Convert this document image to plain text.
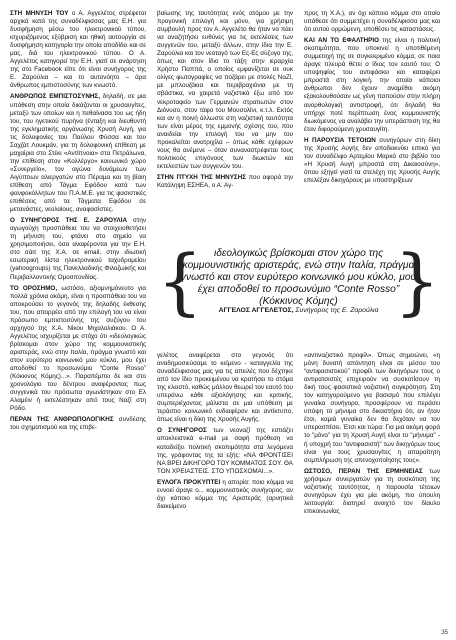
ΣΤΗ ΜΗΝΥΣΗ ΤΟΥ ο Α. Αγγελέτος στρέφεται αρχικά κατά της συναδέλφισσας μας Ε.Η. για δυσφήμηση μέσω του ηλεκτρονικού τύπου, ισχυριζόμενος εξύβριση και ηθική αυτουργία σε δυσφήμηση κατηγορία την οποία αποδίδει και σε μας, διά του ηλεκτρονικού τύπου. Ο Α. Αγγελέτος κατηγορεί την Ε.Η. γιατί σε ανάρτηση της στο Facebook είπε ότι είναι συνήγορος της Ε. Ζαρούλια – και το αυτονόητο – άρα άνθρωπος εμπιστοσύνης των κνωστό.

ΑΝΘΡΩΠΟΣ ΕΜΠΙΣΤΟΣΥΝΗΣ, δηλαδή, σε μια υπόθεση στην οποία δικάζονται οι χρυσαυγίτες, μεταξύ των οποίων και η πεθαίνασα του ως ήδη του, του ηγετικού πυρήνα (ένταξη και διευθυντή της εγκληματικής οργάνωσης Χρυσή Αυγή, για τις δολοφονίες του Παύλου Φύσσα και του Σαχζάτ Λουκμάν, για τη δολοφονική επίθεση με μαχαίρια στο Στέκι «Αντίπνοια» στα Πετράλωνα, την επίθεση στον «Κολλέργο» κοινωνικό χώρο «Συνεργείο», τον αγώνα δυνάμεων των Αιγύπτιων αλιεργατών στο Πέραμα και τη βίαιη επίθεση από Τάγμα Εφόδου κατά των φανφοκόλλητων του Π.Α.Μ.Ε. για τις φασιστικές επιθέσεις από τα Τάγματα Εφόδου σε μετανάστες, νεολαίους, αναφασίστες.

Ο ΣΥΝΗΓΟΡΟΣ ΤΗΣ Ε. ΖΑΡΟΥΛΙΑ στην αγωγούχη προσπάθεια του να στοιχειοθετήσει τη μήνυση του, φτάνει στο σημείο να χρησιμοποιήσει, όσα αναφέρονται για την Ε.Η. στο σάιτ της Χ.Α. σε email, στην ιδιωτική εσωτερική λίστα ηλεκτρονικού ταχυδρομείου (yahoogroups) της Πανελλαδικής Φιλοζωικής και Περιβαλλοντικής Ομοσπονδίας.

ΤΟ ΟΡΟΣΗΜΟ, ωστόσο, αξιομνημόνευτο για πολλά χρόνια ακόμη, είναι η προσπάθεια του να αποκρούσει το γεγονός της δηλαδής έκθεσης του, που απορρέει από την επιλογή του να είναι πρόσωπο εμπιστοσύνης της συζύγου του αρχηγού της Χ.Α. Νίκου Μιχαλολιάκου. Ο Α. Αγγελέτος ισχυρίζεται με στόχο ότι «ιδεολογικώς βρίσκομαι στον χώρο της κομμουνιστικής αριστεράς, ενώ στην Ιταλία, πράγμα γνωστό και στον ευρύτερο κοινωνικό μου κύκλο, μου έχει αποδοθεί το προσωνύμιο “Conte Rosso” (Κόκκινος Κόμης)...». Παραπέμπει δε και στο χρονολόγιο του δέντρου αναφέροντας πως συγγενικά του πρόσωπα αγωνίστηκαν στο Ελ Αλαμέιν ή εκτελέστηκαν από τους Ναζί στη Ρόδο.

ΠΕΡΑΝ ΤΗΣ ΑΝΘΡΩΠΟΛΟΓΙΚΗΣ συνδέσης του σχηματισμού και της επιβε-

βαίωσης της ταυτότητας ενός ατόμου με την προγονική επιλογή και μόνο, για χρήσιμη συμβουλή προς τον Α. Αγγελέτο θα ήταν να πάει να αναζητήσει ευθύνες για τις εκτελέσεις των συγγενών του, μεταξύ άλλων, στην ίδια την Ε. Ζαρούλια και τον νεοταγό των Ες-Ες σύζυγο της, όπως και στον ίδιο το τάξη στην ιεραρχία Χρήστο Παππά, ο οποίος εμφανίζεται σε ουκ ολίγες φωτογραφίες να ποζάρει με στολές ΝαΖί, με μπλουζάκια και περιβραχιόνια με τη σβάστικα, να χαιρετά ναζιστικά έξω από τον νεκροταφείο των Γερμανών στρατιωτών στον Διόνυσο, στον τάφο του Μουσολίνι, κ.τ.λ. Εκτός και αν η ποινή άλλωστε στη ναζιστική ταυτότητα των είναι μέρος της εμμονής σχέσης του, που αναιδείαι την επιλογή του να μην του προκαλείται ανατριχίλα – όπως κάθε εχέφρων νους θα ανέμενε – όταν συναναστρέφεται τους πολιτικούς επιγόνους των διωκτών και εκτελεστών των συγγενών του.

ΣΤΗΝ ΠΤΥΧΗ ΤΗΣ ΜΗΝΥΣΗΣ που αφορά την Κατάληψη ΕΣΗΕΑ, ο Α. Αγ-

προς τη Χ.Α.), αν όχι κάποιο κόμμα στο οποίο υπάθεσε ότι συμμετέχει η συναδέλφισσα μας και ότι αυτού ορμώμενη, υποθέσει τις καταστάσεις.

ΚΑΙ ΑΝ ΤΟ ΕΦΑΛΤΗΡΙΟ της είναι η πολιτική σκοπιμότητα, που υποκινεί η υποτιθέμενη συμμετοχή της σε συγκεκριμένο κόμμα, σε ποια άραγε πλευρά θέτει ο ίδιος τον εαυτό του; Ο υποψηφίος του αντιφάσκει και καταφέρει μπροστά στη λογική, την οποία κάποιοι άνθρωποι δεν έχουν αναμέθοι ακόμη εξακολουθούσαν ως γένη παπούσιν στην πλήρη ανορθολογική αντιστροφή, ότι δηλαδή θα υπήρχε ποτέ περίπτωση ένας κομμουνιστής διωκόμενος να αναλάβει την υπεράσπιση της θα έταν διφορούμενη χρυσαυγίτη.

Η ΠΑΡΟΥΣΙΑ ΤΕΤΟΙΩΝ συνηγόρων στη δίκη της Χρυσής Αυγής δεν αποδεικνύει ειπικό για τον συναδέλφο Αρτεμίου Μαρκό στο βιβλίο του «Η Χρυσή Αυγή μπροστά στη Δικαιοσύνη», όπου εξηγεί γιατί τα στελέχη της Χρυσής Αυγής επελέξαν δικηγόρους με υποστηρίξεων

{	ιδεολογικώς βρίσκομαι στον χώρο της κομμουνιστικής αριστεράς, ενώ στην Ιταλία, πράγμα γνωστό και στον ευρύτερο κοινωνικό μου κύκλο, μου έχει αποδοθεί το προσωνύμιο “Conte Rosso” (Κόκκινος Κόμης)
ΑΓΓΕΛΟΣ ΑΓΓΕΛΕΤΟΣ, Συνήγορος της Ε. Ζαρούλια }

γελέτος αναφέρεται στο γεγονός ότι αναδημοσιεύσαμε το κείμενο - καταγγελία της συναδέλφισσας μας για τις απειλές που δέχτηκε από τον ίδιο προκειμένου να κρατήσει το στόμα της κλειστό, καθώς μάλλον θεωρεί τον εαυτό του υπεράνω κάθε αξιολόγησης και κριτικής, συμπεριέχοντας μάλιστα σε μια υπόθεση με τεράστιο κοινωνικό ενδιαφέρον και αντίκτυπο, όπως είναι η δίκη της Χρυσής Αυγής.

Ο ΣΥΝΗΓΟΡΟΣ των νεοναζί της εστιάζει αποκλειστικά e-mail με σαφή πρόθεση να καταδείξει πολιτική σκοπιμότητα στα λεγόμενα της, γράφοντας της τα εξής: «ΝΑ ΦΡΟΝΤΙΣΕΙ ΝΑ ΒΡΕΙ ΔΙΚΗΓΟΡΟ ΤΟΥ ΚΟΜΜΑΤΟΣ ΣΟΥ. ΘΑ ΤΟΝ ΧΡΕΙΑΣΤΕΙΣ. ΣΤΟ ΥΠΟΣΧΟΜΑΙ...».

ΕΥΛΟΓΑ ΠΡΟΚΥΠΤΕΙ η απορία: ποιο κόμμα να εννοεί άραγε ο... κομμουνιστικός συνήγορος, αν όχι κάποιο κόμμα της Αριστεράς (αρνητικά διακείμενο

«αντιναζιστικό προφίλ». Όπως σημειώνει, «η μόνη δυνατή απάντηση είναι σε μέσου του “αντιφασιστικού” προφίλ των δικηγόρων τους ο αντιρατσιστές επιχειρούν να συσκοτίσουν τη δική τους φασιστικά ναζιστική συγκρότηση. Στη τον κατηγορούμενο για βασισμό που επιλέγει γυναίκα συνήγορο, προσφέρουν να περάσει υπόψη το μήνυμα στο δικαστήριο ότι, αν ήταν έτσι, καμιά γυναίκα δεν θα δεχόταν να τον υπερασπίσει. Έτσι και τώρα: Για μια ακόμη φορά το "μόνο" για τη Χρυσή Αυγή είναι το "μήνυμα" - ή υποχρή του "αντιφασιστή" των δικηγόρων τους είναι για τους χρυσαυγίτες η απαραίτητη συμπλήρωση της απενοχοποίησης τους».

ΩΣΤΟΣΟ, ΠΕΡΑΝ ΤΗΣ ΕΡΜΗΝΕΙΑΣ των χρήσιμων συνεργατών για τη συσκότιση της ναζιστικής ταυτότητας, η παρουσία τέτοιων συνηγόρων έχει για μία ακόμη, πιο ύπουλη λειτουργία: διατηρεί ανοιχτό τον δίαυλο επικοινωνίας

35
